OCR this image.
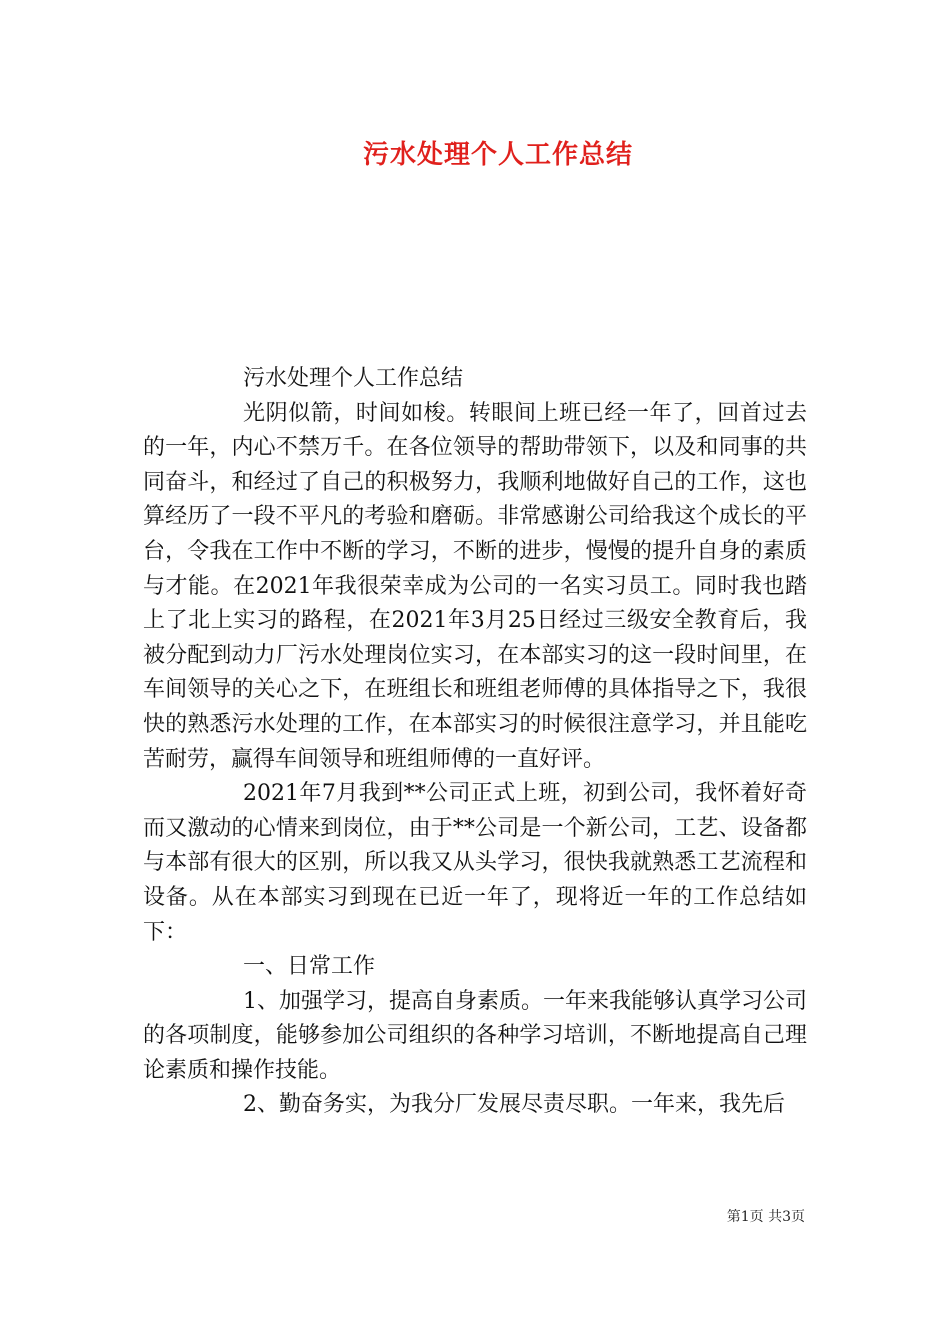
污水处理个人工作总结

污水处理个人工作总结

光阴似箭，时间如梭。转眼间上班已经一年了，回首过去的一年，内心不禁万千。在各位领导的帮助带领下，以及和同事的共同奋斗，和经过了自己的积极努力，我顺利地做好自己的工作，这也算经历了一段不平凡的考验和磨砺。非常感谢公司给我这个成长的平台，令我在工作中不断的学习，不断的进步，慢慢的提升自身的素质与才能。在2021年我很荣幸成为公司的一名实习员工。同时我也踏上了北上实习的路程，在2021年3月25日经过三级安全教育后，我被分配到动力厂污水处理岗位实习，在本部实习的这一段时间里，在车间领导的关心之下，在班组长和班组老师傅的具体指导之下，我很快的熟悉污水处理的工作，在本部实习的时候很注意学习，并且能吃苦耐劳，赢得车间领导和班组师傅的一直好评。

2021年7月我到**公司正式上班，初到公司，我怀着好奇而又激动的心情来到岗位，由于**公司是一个新公司，工艺、设备都与本部有很大的区别，所以我又从头学习，很快我就熟悉工艺流程和设备。从在本部实习到现在已近一年了，现将近一年的工作总结如下：

一、日常工作

1、加强学习，提高自身素质。一年来我能够认真学习公司的各项制度，能够参加公司组织的各种学习培训，不断地提高自己理论素质和操作技能。

2、勤奋务实，为我分厂发展尽责尽职。一年来，我先后

第1页 共3页
